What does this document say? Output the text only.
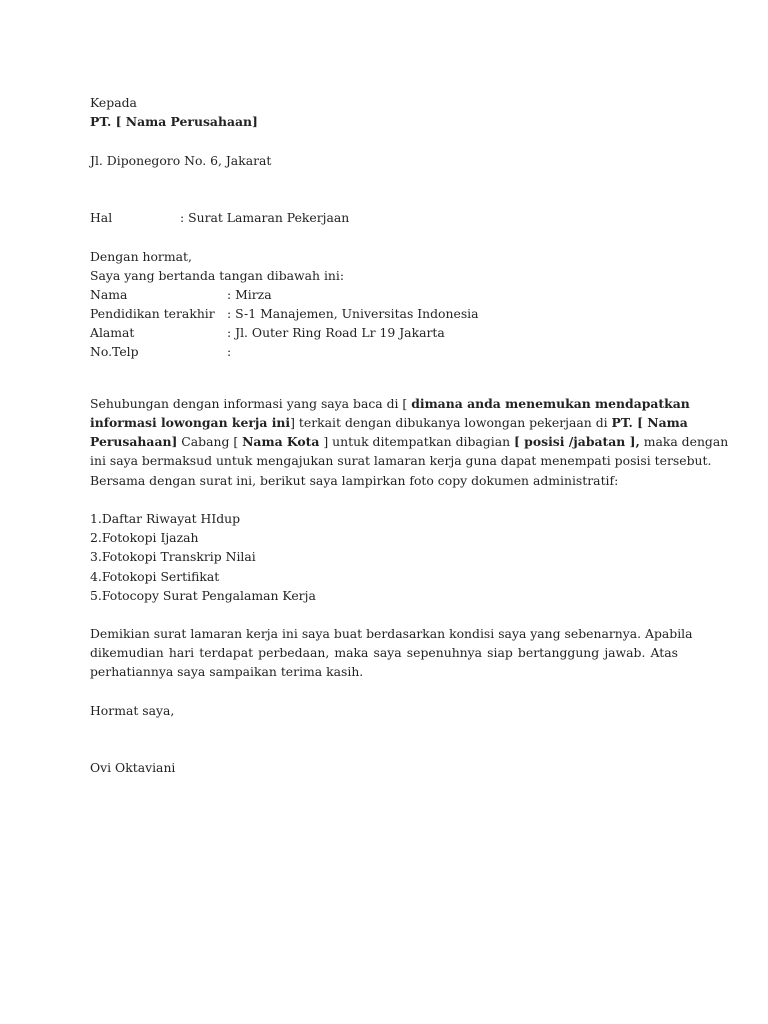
Kepada
PT. [ Nama Perusahaan]
Jl. Diponegoro No. 6, Jakarat
Hal	: Surat Lamaran Pekerjaan
Dengan hormat,
Saya yang bertanda tangan dibawah ini:
Nama	: Mirza
Pendidikan terakhir : S-1 Manajemen, Universitas Indonesia
Alamat	: Jl. Outer Ring Road Lr 19 Jakarta
No.Telp	:
Sehubungan dengan informasi yang saya baca di [ dimana anda menemukan mendapatkan
informasi lowongan kerja ini] terkait dengan dibukanya lowongan pekerjaan di PT. [ Nama
Perusahaan] Cabang [ Nama Kota ] untuk ditempatkan dibagian [ posisi /jabatan ], maka dengan
ini saya bermaksud untuk mengajukan surat lamaran kerja guna dapat menempati posisi tersebut.
Bersama dengan surat ini, berikut saya lampirkan foto copy dokumen administratif:
1.Daftar Riwayat HIdup
2.Fotokopi Ijazah
3.Fotokopi Transkrip Nilai
4.Fotokopi Sertifikat
5.Fotocopy Surat Pengalaman Kerja
Demikian surat lamaran kerja ini saya buat berdasarkan kondisi saya yang sebenarnya. Apabila
dikemudian hari terdapat perbedaan, maka saya sepenuhnya siap bertanggung jawab. Atas
perhatiannya saya sampaikan terima kasih.
Hormat saya,
Ovi Oktaviani
